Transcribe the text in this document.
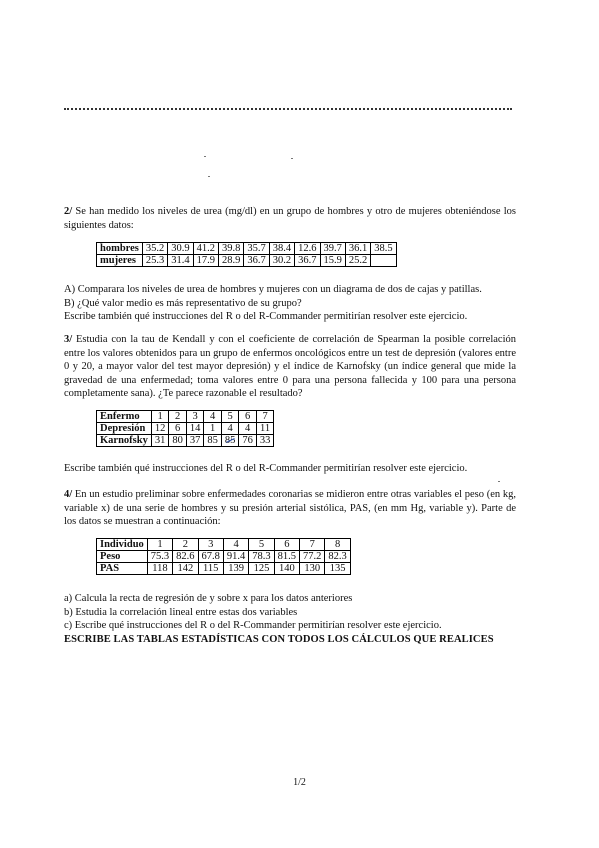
2/ Se han medido los niveles de urea (mg/dl) en un grupo de hombres y otro de mujeres obteniéndose los siguientes datos:

hombres	35.2	30.9	41.2	39.8	35.7	38.4	12.6	39.7	36.1	38.5
mujeres	25.3	31.4	17.9	28.9	36.7	30.2	36.7	15.9	25.2	

A) Comparara los niveles de urea de hombres y mujeres con un diagrama de dos de cajas y patillas.

B) ¿Qué valor medio es más representativo de su grupo?

Escribe también qué instrucciones del R o del R-Commander permitirían resolver este ejercicio.

3/ Estudia con la tau de Kendall y con el coeficiente de correlación de Spearman la posible correlación entre los valores obtenidos para un grupo de enfermos oncológicos entre un test de depresión (valores entre 0 y 20, a mayor valor del test mayor depresión) y el índice de Karnofsky (un índice general que mide la gravedad de una enfermedad; toma valores entre 0 para una persona fallecida y 100 para una persona completamente sana). ¿Te parece razonable el resultado?

Enfermo	1	2	3	4	5	6	7
Depresión	12	6	14	1	4	4	11
Karnofsky	31	80	37	85	85	76	33

Escribe también qué instrucciones del R o del R-Commander permitirían resolver este ejercicio.

4/ En un estudio preliminar sobre enfermedades coronarias se midieron entre otras variables el peso (en kg, variable x) de una serie de hombres y su presión arterial sistólica, PAS, (en mm Hg, variable y). Parte de los datos se muestran a continuación:

Individuo	1	2	3	4	5	6	7	8
Peso	75.3	82.6	67.8	91.4	78.3	81.5	77.2	82.3
PAS	118	142	115	139	125	140	130	135

a) Calcula la recta de regresión de y sobre x para los datos anteriores

b) Estudia la correlación lineal entre estas dos variables

c) Escribe qué instrucciones del R o del R-Commander permitirían resolver este ejercicio.

ESCRIBE LAS TABLAS ESTADÍSTICAS CON TODOS LOS CÁLCULOS QUE REALICES

1/2
